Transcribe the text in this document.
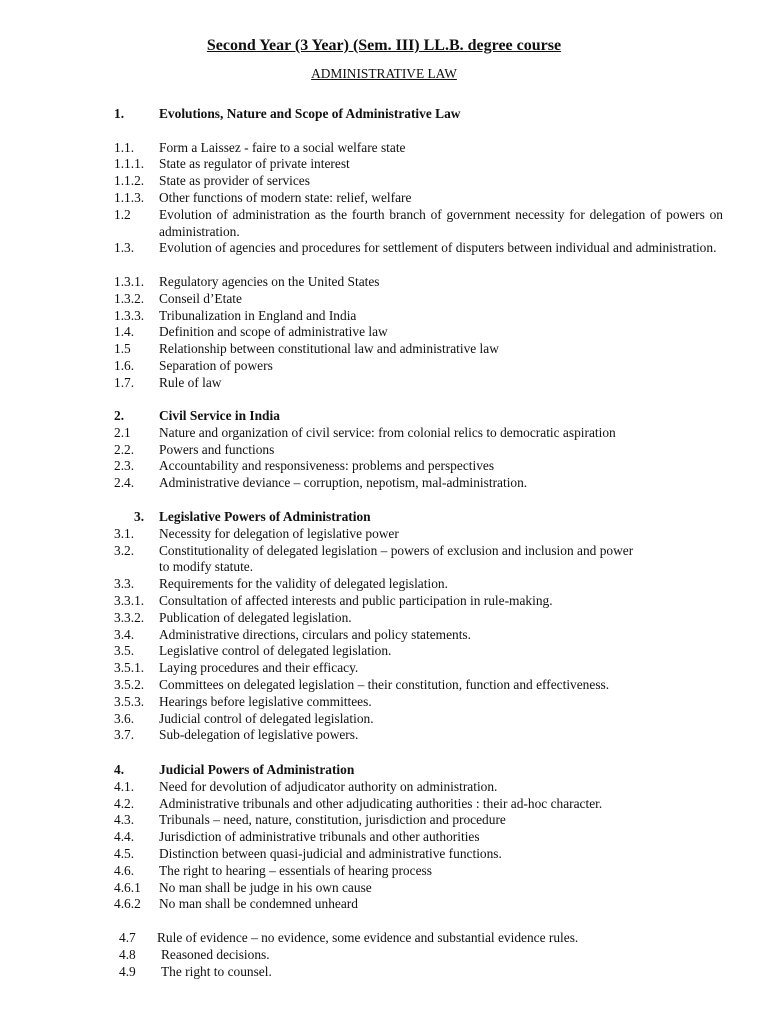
Second Year (3 Year) (Sem. III) LL.B. degree course
ADMINISTRATIVE LAW
1.	Evolutions, Nature and Scope of Administrative Law
1.1. Form a Laissez - faire to a social welfare state
1.1.1. State as regulator of private interest
1.1.2. State as provider of services
1.1.3. Other functions of modern state: relief, welfare
1.2 Evolution of administration as the fourth branch of government necessity for delegation of powers on administration.
1.3. Evolution of agencies and procedures for settlement of disputers between individual and administration.
1.3.1. Regulatory agencies on the United States
1.3.2. Conseil d’Etate
1.3.3. Tribunalization in England and India
1.4. Definition and scope of administrative law
1.5 Relationship between constitutional law and administrative law
1.6. Separation of powers
1.7. Rule of law
2.	Civil Service in India
2.1 Nature and organization of civil service: from colonial relics to democratic aspiration
2.2. Powers and functions
2.3. Accountability and responsiveness: problems and perspectives
2.4. Administrative deviance – corruption, nepotism, mal-administration.
3. Legislative Powers of Administration
3.1. Necessity for delegation of legislative power
3.2. Constitutionality of delegated legislation – powers of exclusion and inclusion and power
to modify statute.
3.3. Requirements for the validity of delegated legislation.
3.3.1. Consultation of affected interests and public participation in rule-making.
3.3.2. Publication of delegated legislation.
3.4. Administrative directions, circulars and policy statements.
3.5. Legislative control of delegated legislation.
3.5.1. Laying procedures and their efficacy.
3.5.2. Committees on delegated legislation – their constitution, function and effectiveness.
3.5.3. Hearings before legislative committees.
3.6. Judicial control of delegated legislation.
3.7. Sub-delegation of legislative powers.
4.	Judicial Powers of Administration
4.1. Need for devolution of adjudicator authority on administration.
4.2. Administrative tribunals and other adjudicating authorities : their ad-hoc character.
4.3. Tribunals – need, nature, constitution, jurisdiction and procedure
4.4. Jurisdiction of administrative tribunals and other authorities
4.5. Distinction between quasi-judicial and administrative functions.
4.6. The right to hearing – essentials of hearing process
4.6.1 No man shall be judge in his own cause
4.6.2 No man shall be condemned unheard
4.7 Rule of evidence – no evidence, some evidence and substantial evidence rules.
4.8 Reasoned decisions.
4.9 The right to counsel.
